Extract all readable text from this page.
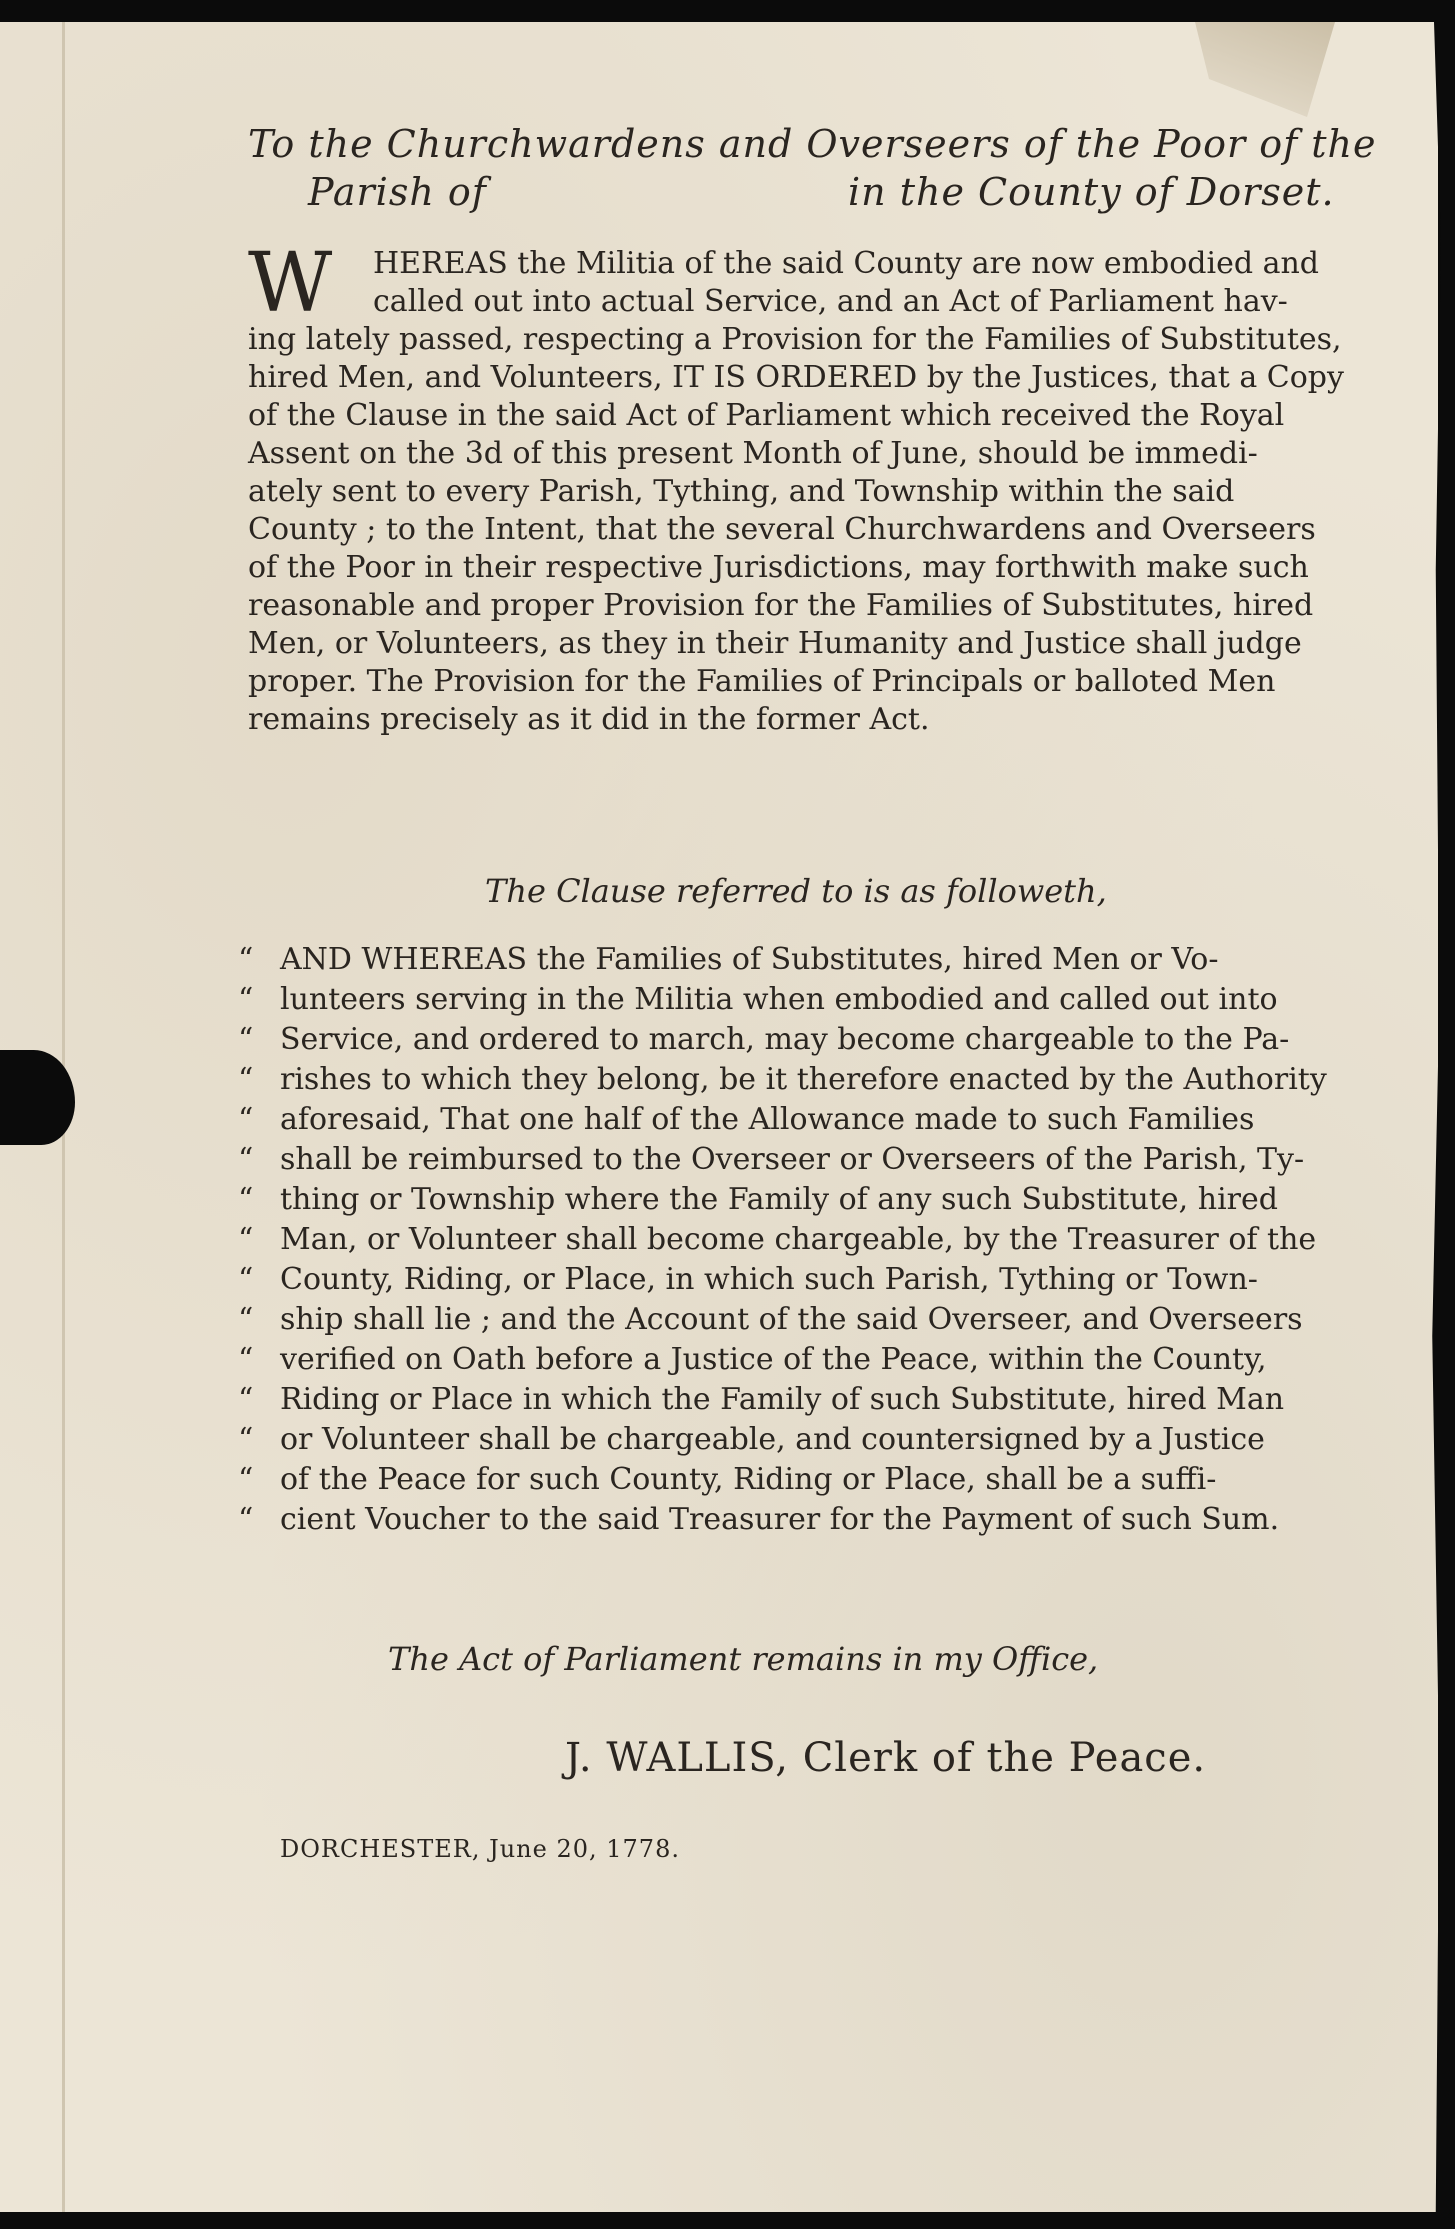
To the Churchwardens and Overseers of the Poor of the
Parish of	in the County of Dorset.
W	HEREAS the Militia of the said County are now embodied and
called out into actual Service, and an Act of Parliament hav-
ing lately passed, respecting a Provision for the Families of Substitutes,
hired Men, and Volunteers, IT IS ORDERED by the Justices, that a Copy
of the Clause in the said Act of Parliament which received the Royal
Assent on the 3d of this present Month of June, should be immedi-
ately sent to every Parish, Tything, and Township within the said
County ; to the Intent, that the several Churchwardens and Overseers
of the Poor in their respective Jurisdictions, may forthwith make such
reasonable and proper Provision for the Families of Substitutes, hired
Men, or Volunteers, as they in their Humanity and Justice shall judge
proper. The Provision for the Families of Principals or balloted Men
remains precisely as it did in the former Act.
The Clause referred to is as followeth,
“ AND WHEREAS the Families of Substitutes, hired Men or Vo-
“ lunteers serving in the Militia when embodied and called out into
“ Service, and ordered to march, may become chargeable to the Pa-
“ rishes to which they belong, be it therefore enacted by the Authority
“ aforesaid, That one half of the Allowance made to such Families
“ shall be reimbursed to the Overseer or Overseers of the Parish, Ty-
“ thing or Township where the Family of any such Substitute, hired
“ Man, or Volunteer shall become chargeable, by the Treasurer of the
“ County, Riding, or Place, in which such Parish, Tything or Town-
“ ship shall lie ; and the Account of the said Overseer, and Overseers
“ verified on Oath before a Justice of the Peace, within the County,
“ Riding or Place in which the Family of such Substitute, hired Man
“ or Volunteer shall be chargeable, and countersigned by a Justice
“ of the Peace for such County, Riding or Place, shall be a suffi-
“ cient Voucher to the said Treasurer for the Payment of such Sum.
The Act of Parliament remains in my Office,
J. WALLIS, Clerk of the Peace.
DORCHESTER, June 20, 1778.
